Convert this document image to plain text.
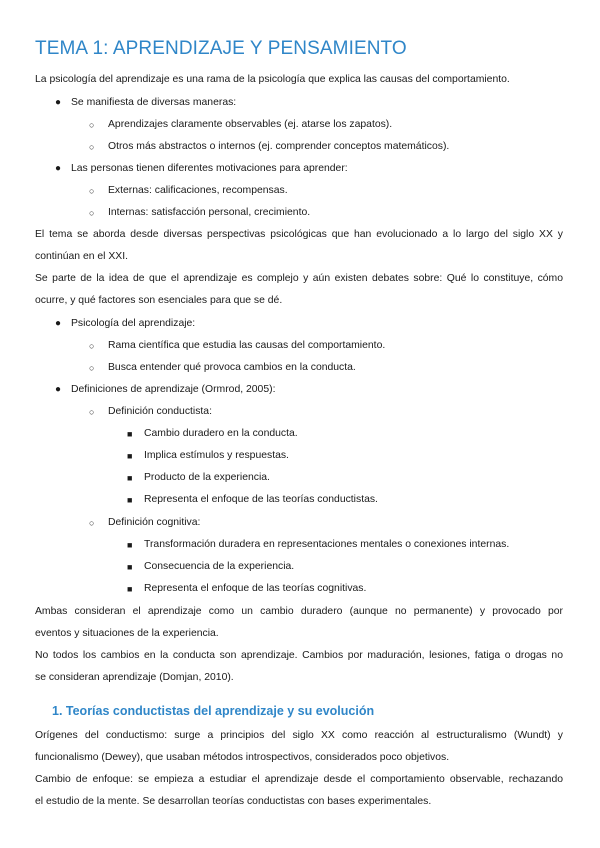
TEMA 1: APRENDIZAJE Y PENSAMIENTO
La psicología del aprendizaje es una rama de la psicología que explica las causas del comportamiento.
● Se manifiesta de diversas maneras:
○ Aprendizajes claramente observables (ej. atarse los zapatos).
○ Otros más abstractos o internos (ej. comprender conceptos matemáticos).
● Las personas tienen diferentes motivaciones para aprender:
○ Externas: calificaciones, recompensas.
○ Internas: satisfacción personal, crecimiento.
El tema se aborda desde diversas perspectivas psicológicas que han evolucionado a lo largo del siglo XX y
continúan en el XXI.
Se parte de la idea de que el aprendizaje es complejo y aún existen debates sobre: Qué lo constituye, cómo
ocurre, y qué factores son esenciales para que se dé.
● Psicología del aprendizaje:
○ Rama científica que estudia las causas del comportamiento.
○ Busca entender qué provoca cambios en la conducta.
● Definiciones de aprendizaje (Ormrod, 2005):
○ Definición conductista:
■ Cambio duradero en la conducta.
■ Implica estímulos y respuestas.
■ Producto de la experiencia.
■ Representa el enfoque de las teorías conductistas.
○ Definición cognitiva:
■ Transformación duradera en representaciones mentales o conexiones internas.
■ Consecuencia de la experiencia.
■ Representa el enfoque de las teorías cognitivas.
Ambas consideran el aprendizaje como un cambio duradero (aunque no permanente) y provocado por
eventos y situaciones de la experiencia.
No todos los cambios en la conducta son aprendizaje. Cambios por maduración, lesiones, fatiga o drogas no
se consideran aprendizaje (Domjan, 2010).
1. Teorías conductistas del aprendizaje y su evolución
Orígenes del conductismo: surge a principios del siglo XX como reacción al estructuralismo (Wundt) y
funcionalismo (Dewey), que usaban métodos introspectivos, considerados poco objetivos.
Cambio de enfoque: se empieza a estudiar el aprendizaje desde el comportamiento observable, rechazando
el estudio de la mente. Se desarrollan teorías conductistas con bases experimentales.
